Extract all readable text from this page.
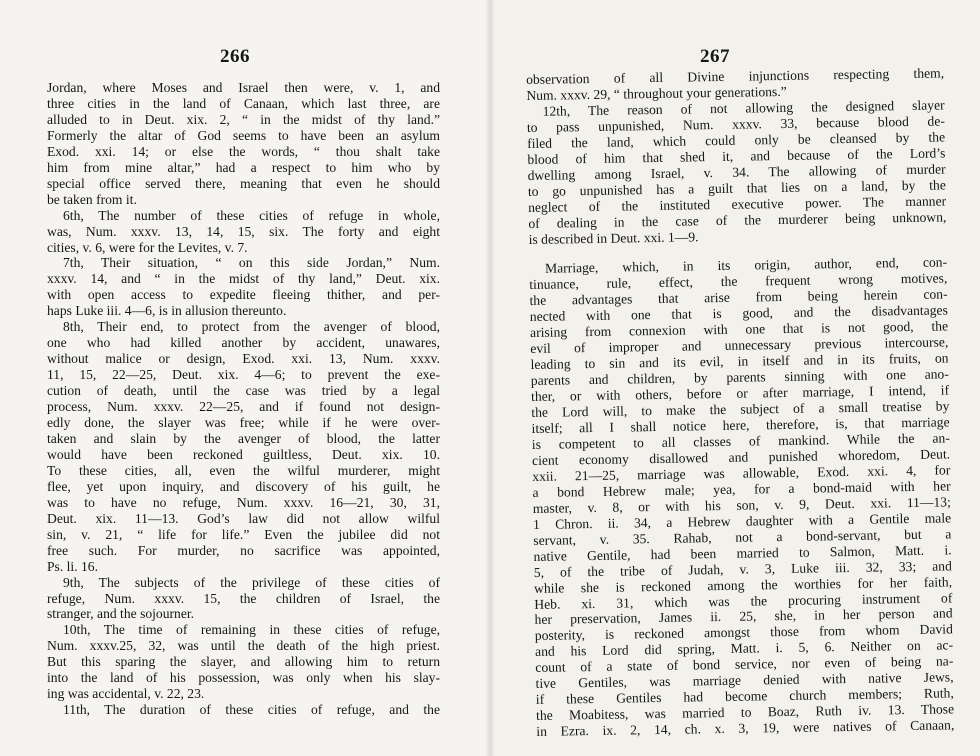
266
Jordan, where Moses and Israel then were, v. 1, and
three cities in the land of Canaan, which last three, are
alluded to in Deut. xix. 2, “ in the midst of thy land.”
Formerly the altar of God seems to have been an asylum
Exod. xxi. 14; or else the words, “ thou shalt take
him from mine altar,” had a respect to him who by
special office served there, meaning that even he should
be taken from it.
6th, The number of these cities of refuge in whole,
was, Num. xxxv. 13, 14, 15, six. The forty and eight
cities, v. 6, were for the Levites, v. 7.
7th, Their situation, “ on this side Jordan,” Num.
xxxv. 14, and “ in the midst of thy land,” Deut. xix.
with open access to expedite fleeing thither, and per-
haps Luke iii. 4—6, is in allusion thereunto.
8th, Their end, to protect from the avenger of blood,
one who had killed another by accident, unawares,
without malice or design, Exod. xxi. 13, Num. xxxv.
11, 15, 22—25, Deut. xix. 4—6; to prevent the exe-
cution of death, until the case was tried by a legal
process, Num. xxxv. 22—25, and if found not design-
edly done, the slayer was free; while if he were over-
taken and slain by the avenger of blood, the latter
would have been reckoned guiltless, Deut. xix. 10.
To these cities, all, even the wilful murderer, might
flee, yet upon inquiry, and discovery of his guilt, he
was to have no refuge, Num. xxxv. 16—21, 30, 31,
Deut. xix. 11—13. God’s law did not allow wilful
sin, v. 21, “ life for life.” Even the jubilee did not
free such. For murder, no sacrifice was appointed,
Ps. li. 16.
9th, The subjects of the privilege of these cities of
refuge, Num. xxxv. 15, the children of Israel, the
stranger, and the sojourner.
10th, The time of remaining in these cities of refuge,
Num. xxxv.25, 32, was until the death of the high priest.
But this sparing the slayer, and allowing him to return
into the land of his possession, was only when his slay-
ing was accidental, v. 22, 23.
11th, The duration of these cities of refuge, and the
267
observation of all Divine injunctions respecting them,
Num. xxxv. 29, “ throughout your generations.”
12th, The reason of not allowing the designed slayer
to pass unpunished, Num. xxxv. 33, because blood de-
filed the land, which could only be cleansed by the
blood of him that shed it, and because of the Lord’s
dwelling among Israel, v. 34. The allowing of murder
to go unpunished has a guilt that lies on a land, by the
neglect of the instituted executive power. The manner
of dealing in the case of the murderer being unknown,
is described in Deut. xxi. 1—9.
Marriage, which, in its origin, author, end, con-
tinuance, rule, effect, the frequent wrong motives,
the advantages that arise from being herein con-
nected with one that is good, and the disadvantages
arising from connexion with one that is not good, the
evil of improper and unnecessary previous intercourse,
leading to sin and its evil, in itself and in its fruits, on
parents and children, by parents sinning with one ano-
ther, or with others, before or after marriage, I intend, if
the Lord will, to make the subject of a small treatise by
itself; all I shall notice here, therefore, is, that marriage
is competent to all classes of mankind. While the an-
cient economy disallowed and punished whoredom, Deut.
xxii. 21—25, marriage was allowable, Exod. xxi. 4, for
a bond Hebrew male; yea, for a bond-maid with her
master, v. 8, or with his son, v. 9, Deut. xxi. 11—13;
1 Chron. ii. 34, a Hebrew daughter with a Gentile male
servant, v. 35. Rahab, not a bond-servant, but a
native Gentile, had been married to Salmon, Matt. i.
5, of the tribe of Judah, v. 3, Luke iii. 32, 33; and
while she is reckoned among the worthies for her faith,
Heb. xi. 31, which was the procuring instrument of
her preservation, James ii. 25, she, in her person and
posterity, is reckoned amongst those from whom David
and his Lord did spring, Matt. i. 5, 6. Neither on ac-
count of a state of bond service, nor even of being na-
tive Gentiles, was marriage denied with native Jews,
if these Gentiles had become church members; Ruth,
the Moabitess, was married to Boaz, Ruth iv. 13. Those
in Ezra. ix. 2, 14, ch. x. 3, 19, were natives of Canaan,
